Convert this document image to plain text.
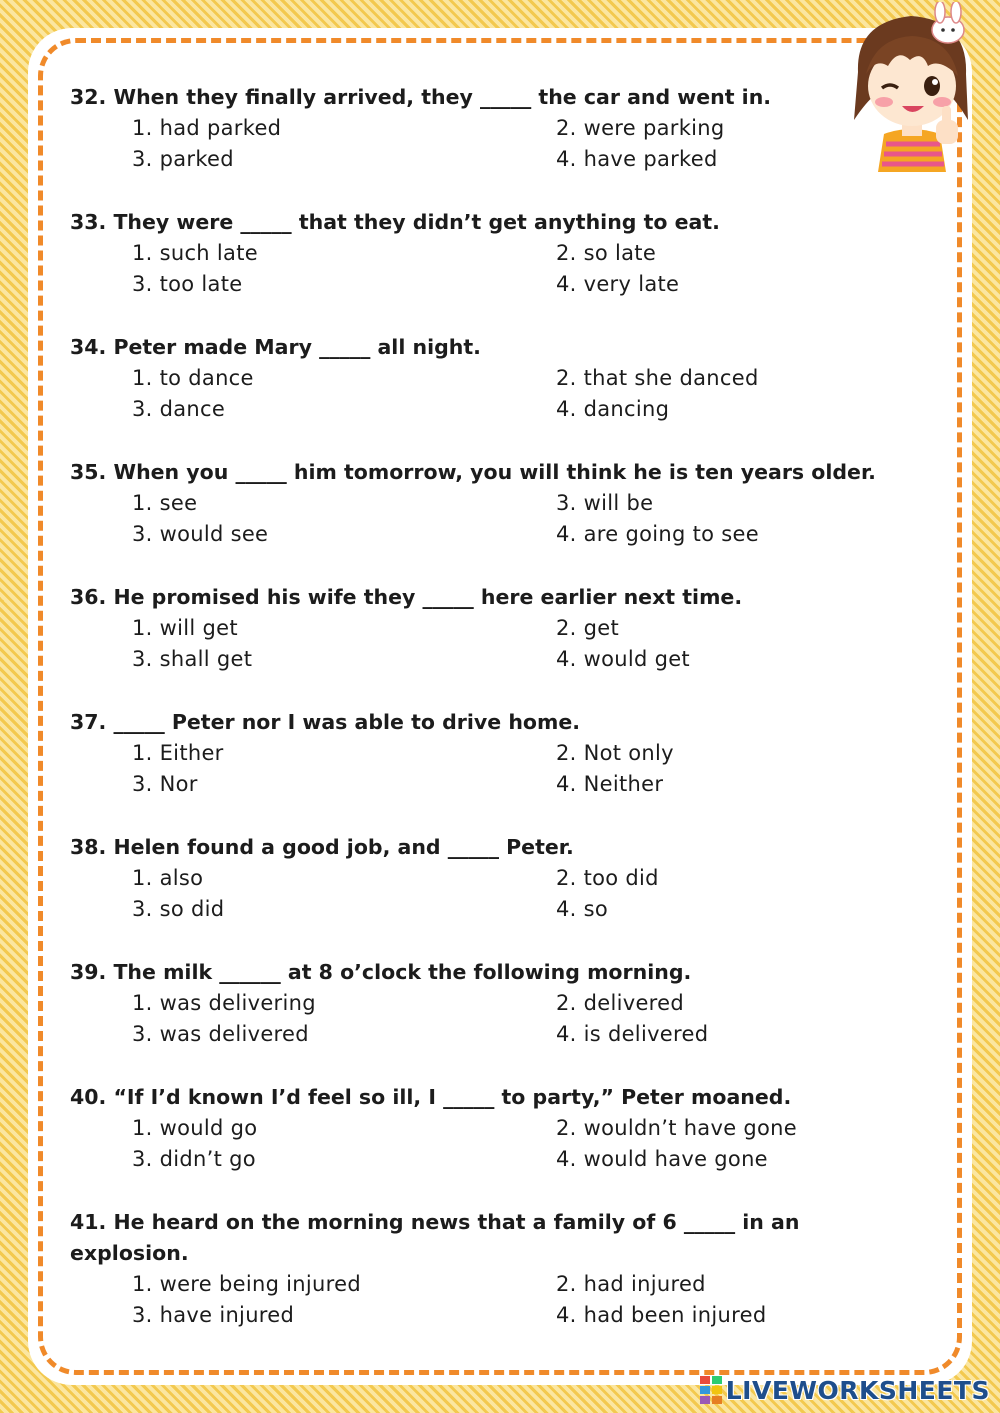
32. When they finally arrived, they _____ the car and went in.
1. had parked	2. were parking
3. parked	4. have parked
33. They were _____ that they didn’t get anything to eat.
1. such late	2. so late
3. too late	4. very late
34. Peter made Mary _____ all night.
1. to dance	2. that she danced
3. dance	4. dancing
35. When you _____ him tomorrow, you will think he is ten years older.
1. see	3. will be
3. would see	4. are going to see
36. He promised his wife they _____ here earlier next time.
1. will get	2. get
3. shall get	4. would get
37. _____ Peter nor I was able to drive home.
1. Either	2. Not only
3. Nor	4. Neither
38. Helen found a good job, and _____ Peter.
1. also	2. too did
3. so did	4. so
39. The milk ______ at 8 o’clock the following morning.
1. was delivering	2. delivered
3. was delivered	4. is delivered
40. “If I’d known I’d feel so ill, I _____ to party,” Peter moaned.
1. would go	2. wouldn’t have gone
3. didn’t go	4. would have gone
41. He heard on the morning news that a family of 6 _____ in an explosion.
1. were being injured	2. had injured
3. have injured	4. had been injured
LIVEWORKSHEETS
